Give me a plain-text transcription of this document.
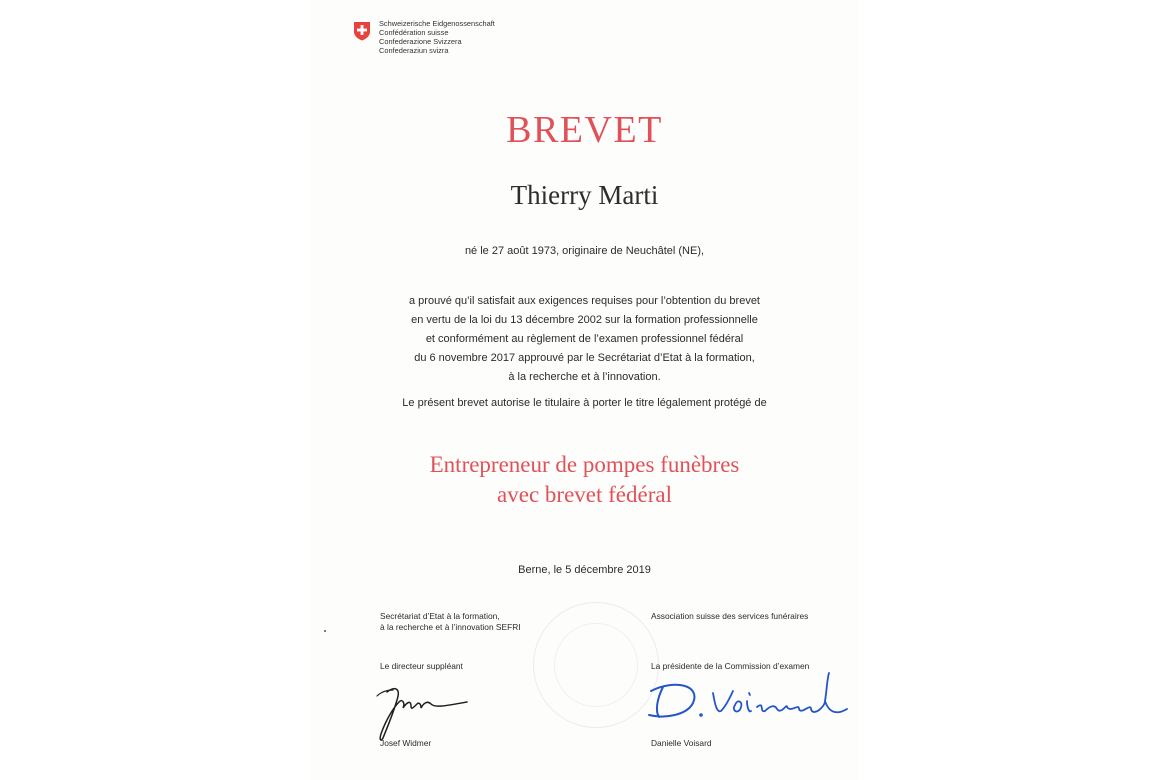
Schweizerische Eidgenossenschaft
Confédération suisse
Confederazione Svizzera
Confederaziun svizra
BREVET
Thierry Marti
né le 27 août 1973, originaire de Neuchâtel (NE),
a prouvé qu’il satisfait aux exigences requises pour l’obtention du brevet
en vertu de la loi du 13 décembre 2002 sur la formation professionnelle
et conformément au règlement de l’examen professionnel fédéral
du 6 novembre 2017 approuvé par le Secrétariat d’Etat à la formation,
à la recherche et à l’innovation.
Le présent brevet autorise le titulaire à porter le titre légalement protégé de
Entrepreneur de pompes funèbres
avec brevet fédéral
Berne, le 5 décembre 2019
Secrétariat d’Etat à la formation,
à la recherche et à l’innovation SEFRI
Le directeur suppléant
Josef Widmer
Association suisse des services funéraires
La présidente de la Commission d’examen
Danielle Voisard
